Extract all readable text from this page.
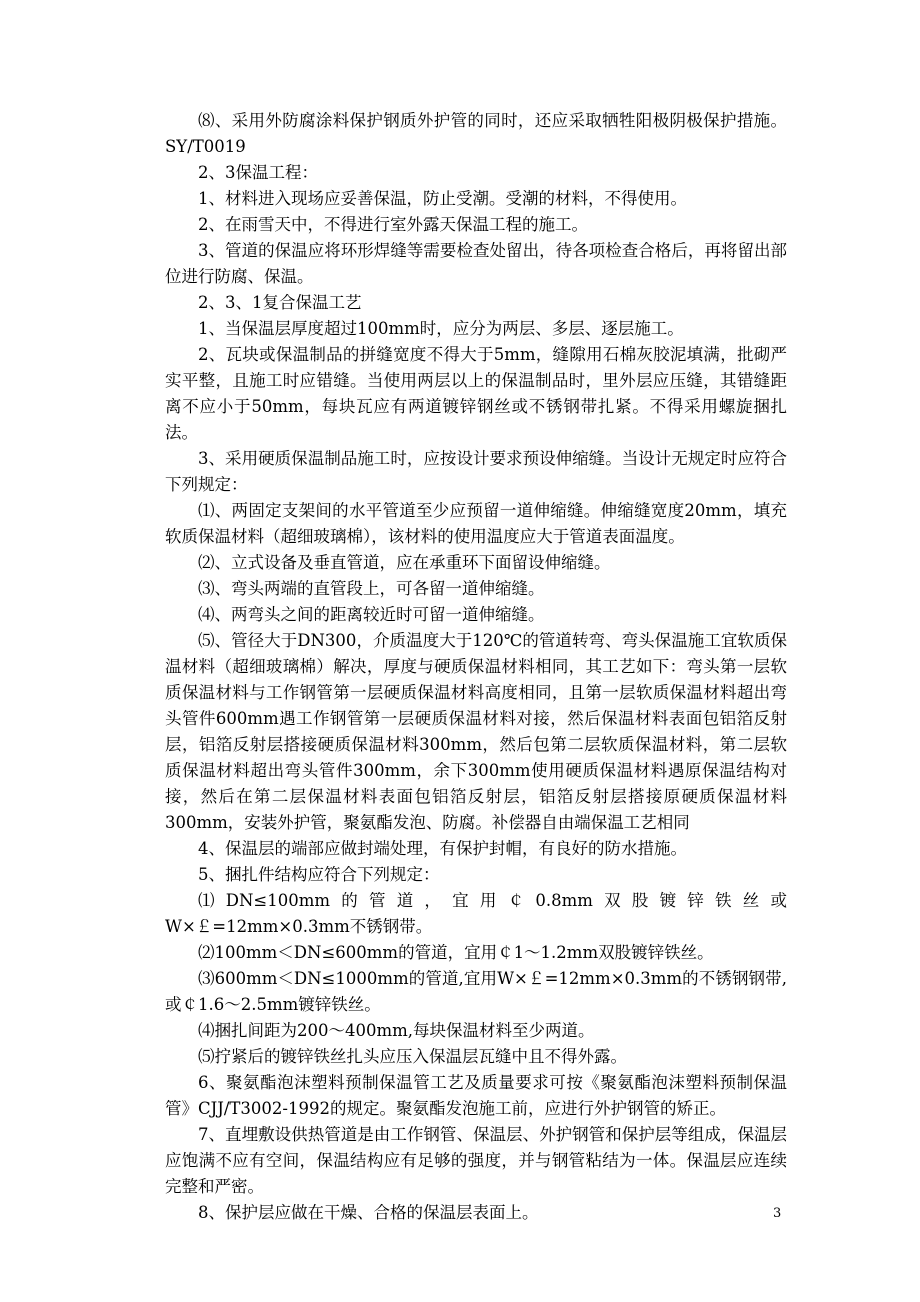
⑻、采用外防腐涂料保护钢质外护管的同时，还应采取牺牲阳极阴极保护措施。SY/T0019

2、3保温工程：

1、材料进入现场应妥善保温，防止受潮。受潮的材料，不得使用。

2、在雨雪天中，不得进行室外露天保温工程的施工。

3、管道的保温应将环形焊缝等需要检查处留出，待各项检查合格后，再将留出部位进行防腐、保温。

2、3、1复合保温工艺

1、当保温层厚度超过100mm时，应分为两层、多层、逐层施工。

2、瓦块或保温制品的拼缝宽度不得大于5mm，缝隙用石棉灰胶泥填满，批砌严实平整，且施工时应错缝。当使用两层以上的保温制品时，里外层应压缝，其错缝距离不应小于50mm，每块瓦应有两道镀锌钢丝或不锈钢带扎紧。不得采用螺旋捆扎法。

3、采用硬质保温制品施工时，应按设计要求预设伸缩缝。当设计无规定时应符合下列规定：

⑴、两固定支架间的水平管道至少应预留一道伸缩缝。伸缩缝宽度20mm，填充软质保温材料（超细玻璃棉），该材料的使用温度应大于管道表面温度。

⑵、立式设备及垂直管道，应在承重环下面留设伸缩缝。

⑶、弯头两端的直管段上，可各留一道伸缩缝。

⑷、两弯头之间的距离较近时可留一道伸缩缝。

⑸、管径大于DN300，介质温度大于120℃的管道转弯、弯头保温施工宜软质保温材料（超细玻璃棉）解决，厚度与硬质保温材料相同，其工艺如下：弯头第一层软质保温材料与工作钢管第一层硬质保温材料高度相同，且第一层软质保温材料超出弯头管件600mm遇工作钢管第一层硬质保温材料对接，然后保温材料表面包铝箔反射层，铝箔反射层搭接硬质保温材料300mm，然后包第二层软质保温材料，第二层软质保温材料超出弯头管件300mm，余下300mm使用硬质保温材料遇原保温结构对接，然后在第二层保温材料表面包铝箔反射层，铝箔反射层搭接原硬质保温材料300mm，安装外护管，聚氨酯发泡、防腐。补偿器自由端保温工艺相同

4、保温层的端部应做封端处理，有保护封帽，有良好的防水措施。

5、捆扎件结构应符合下列规定：

⑴DN≤100mm的管道，宜用￠0.8mm双股镀锌铁丝或W×￡=12mm×0.3mm不锈钢带。

⑵100mm＜DN≤600mm的管道，宜用￠1～1.2mm双股镀锌铁丝。

⑶600mm＜DN≤1000mm的管道,宜用W×￡=12mm×0.3mm的不锈钢钢带,或￠1.6～2.5mm镀锌铁丝。

⑷捆扎间距为200～400mm,每块保温材料至少两道。

⑸拧紧后的镀锌铁丝扎头应压入保温层瓦缝中且不得外露。

6、聚氨酯泡沫塑料预制保温管工艺及质量要求可按《聚氨酯泡沫塑料预制保温管》CJJ/T3002-1992的规定。聚氨酯发泡施工前，应进行外护钢管的矫正。

7、直埋敷设供热管道是由工作钢管、保温层、外护钢管和保护层等组成，保温层应饱满不应有空间，保温结构应有足够的强度，并与钢管粘结为一体。保温层应连续完整和严密。

8、保护层应做在干燥、合格的保温层表面上。	3
